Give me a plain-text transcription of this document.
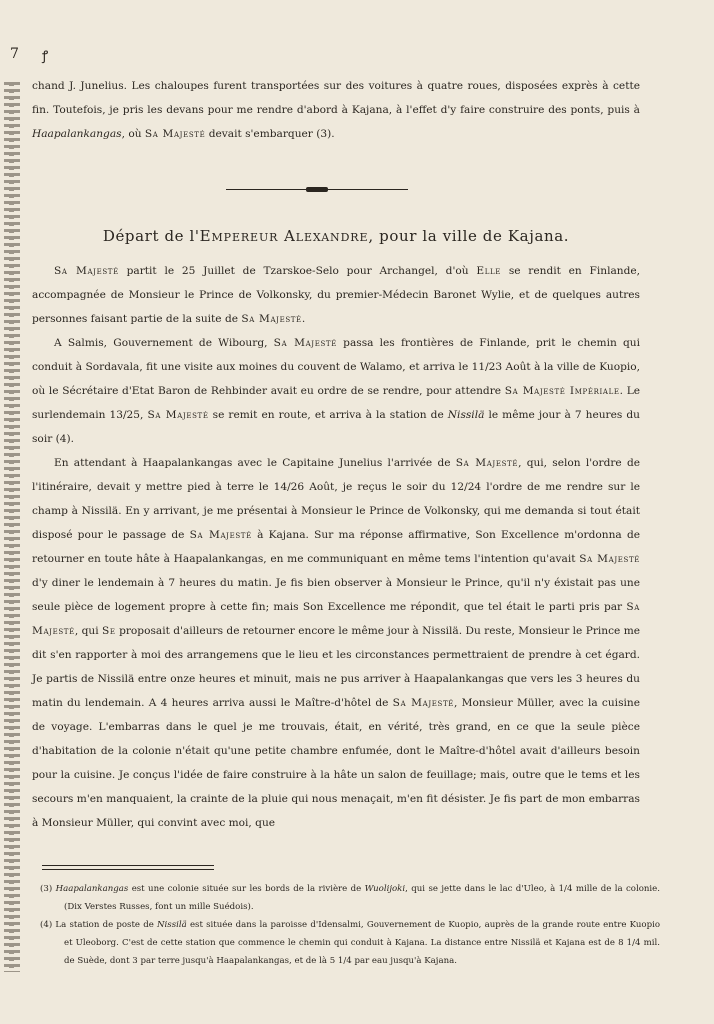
7 ꝭ

chand J. Junelius. Les chaloupes furent transportées sur des voitures à quatre roues, disposées exprès à cette fin. Toutefois, je pris les devans pour me rendre d'abord à Kajana, à l'effet d'y faire construire des ponts, puis à Haapalankangas, où Sa Majesté devait s'embarquer (3).

Départ de l'Empereur Alexandre, pour la ville de Kajana.

Sa Majesté partit le 25 Juillet de Tzarskoe-Selo pour Archangel, d'où Elle se rendit en Finlande, accompagnée de Monsieur le Prince de Volkonsky, du premier-Médecin Baronet Wylie, et de quelques autres personnes faisant partie de la suite de Sa Majesté.

A Salmis, Gouvernement de Wibourg, Sa Majesté passa les frontières de Finlande, prit le chemin qui conduit à Sordavala, fit une visite aux moines du couvent de Walamo, et arriva le 11/23 Août à la ville de Kuopio, où le Sécrétaire d'Etat Baron de Rehbinder avait eu ordre de se rendre, pour attendre Sa Majesté Impériale. Le surlendemain 13/25, Sa Majesté se remit en route, et arriva à la station de Nissilä le même jour à 7 heures du soir (4).

En attendant à Haapalankangas avec le Capitaine Junelius l'arrivée de Sa Majesté, qui, selon l'ordre de l'itinéraire, devait y mettre pied à terre le 14/26 Août, je reçus le soir du 12/24 l'ordre de me rendre sur le champ à Nissilä. En y arrivant, je me présentai à Monsieur le Prince de Volkonsky, qui me demanda si tout était disposé pour le passage de Sa Majesté à Kajana. Sur ma réponse affirmative, Son Excellence m'ordonna de retourner en toute hâte à Haapalankangas, en me communiquant en même tems l'intention qu'avait Sa Majesté d'y diner le lendemain à 7 heures du matin. Je fis bien observer à Monsieur le Prince, qu'il n'y éxistait pas une seule pièce de logement propre à cette fin; mais Son Excellence me répondit, que tel était le parti pris par Sa Majesté, qui Se proposait d'ailleurs de retourner encore le même jour à Nissilä. Du reste, Monsieur le Prince me dit s'en rapporter à moi des arrangemens que le lieu et les circonstances permettraient de prendre à cet égard. Je partis de Nissilä entre onze heures et minuit, mais ne pus arriver à Haapalankangas que vers les 3 heures du matin du lendemain. A 4 heures arriva aussi le Maître-d'hôtel de Sa Majesté, Monsieur Müller, avec la cuisine de voyage. L'embarras dans le quel je me trouvais, était, en vérité, très grand, en ce que la seule pièce d'habitation de la colonie n'était qu'une petite chambre enfumée, dont le Maître-d'hôtel avait d'ailleurs besoin pour la cuisine. Je conçus l'idée de faire construire à la hâte un salon de feuillage; mais, outre que le tems et les secours m'en manquaient, la crainte de la pluie qui nous menaçait, m'en fit désister. Je fis part de mon embarras à Monsieur Müller, qui convint avec moi, que

(3) Haapalankangas est une colonie située sur les bords de la rivière de Wuolijoki, qui se jette dans le lac d'Uleo, à 1/4 mille de la colonie. (Dix Verstes Russes, font un mille Suédois).

(4) La station de poste de Nissilä est située dans la paroisse d'Idensalmi, Gouvernement de Kuopio, auprès de la grande route entre Kuopio et Uleoborg. C'est de cette station que commence le chemin qui conduit à Kajana. La distance entre Nissilä et Kajana est de 8 1/4 mil. de Suède, dont 3 par terre jusqu'à Haapalankangas, et de là 5 1/4 par eau jusqu'à Kajana.
